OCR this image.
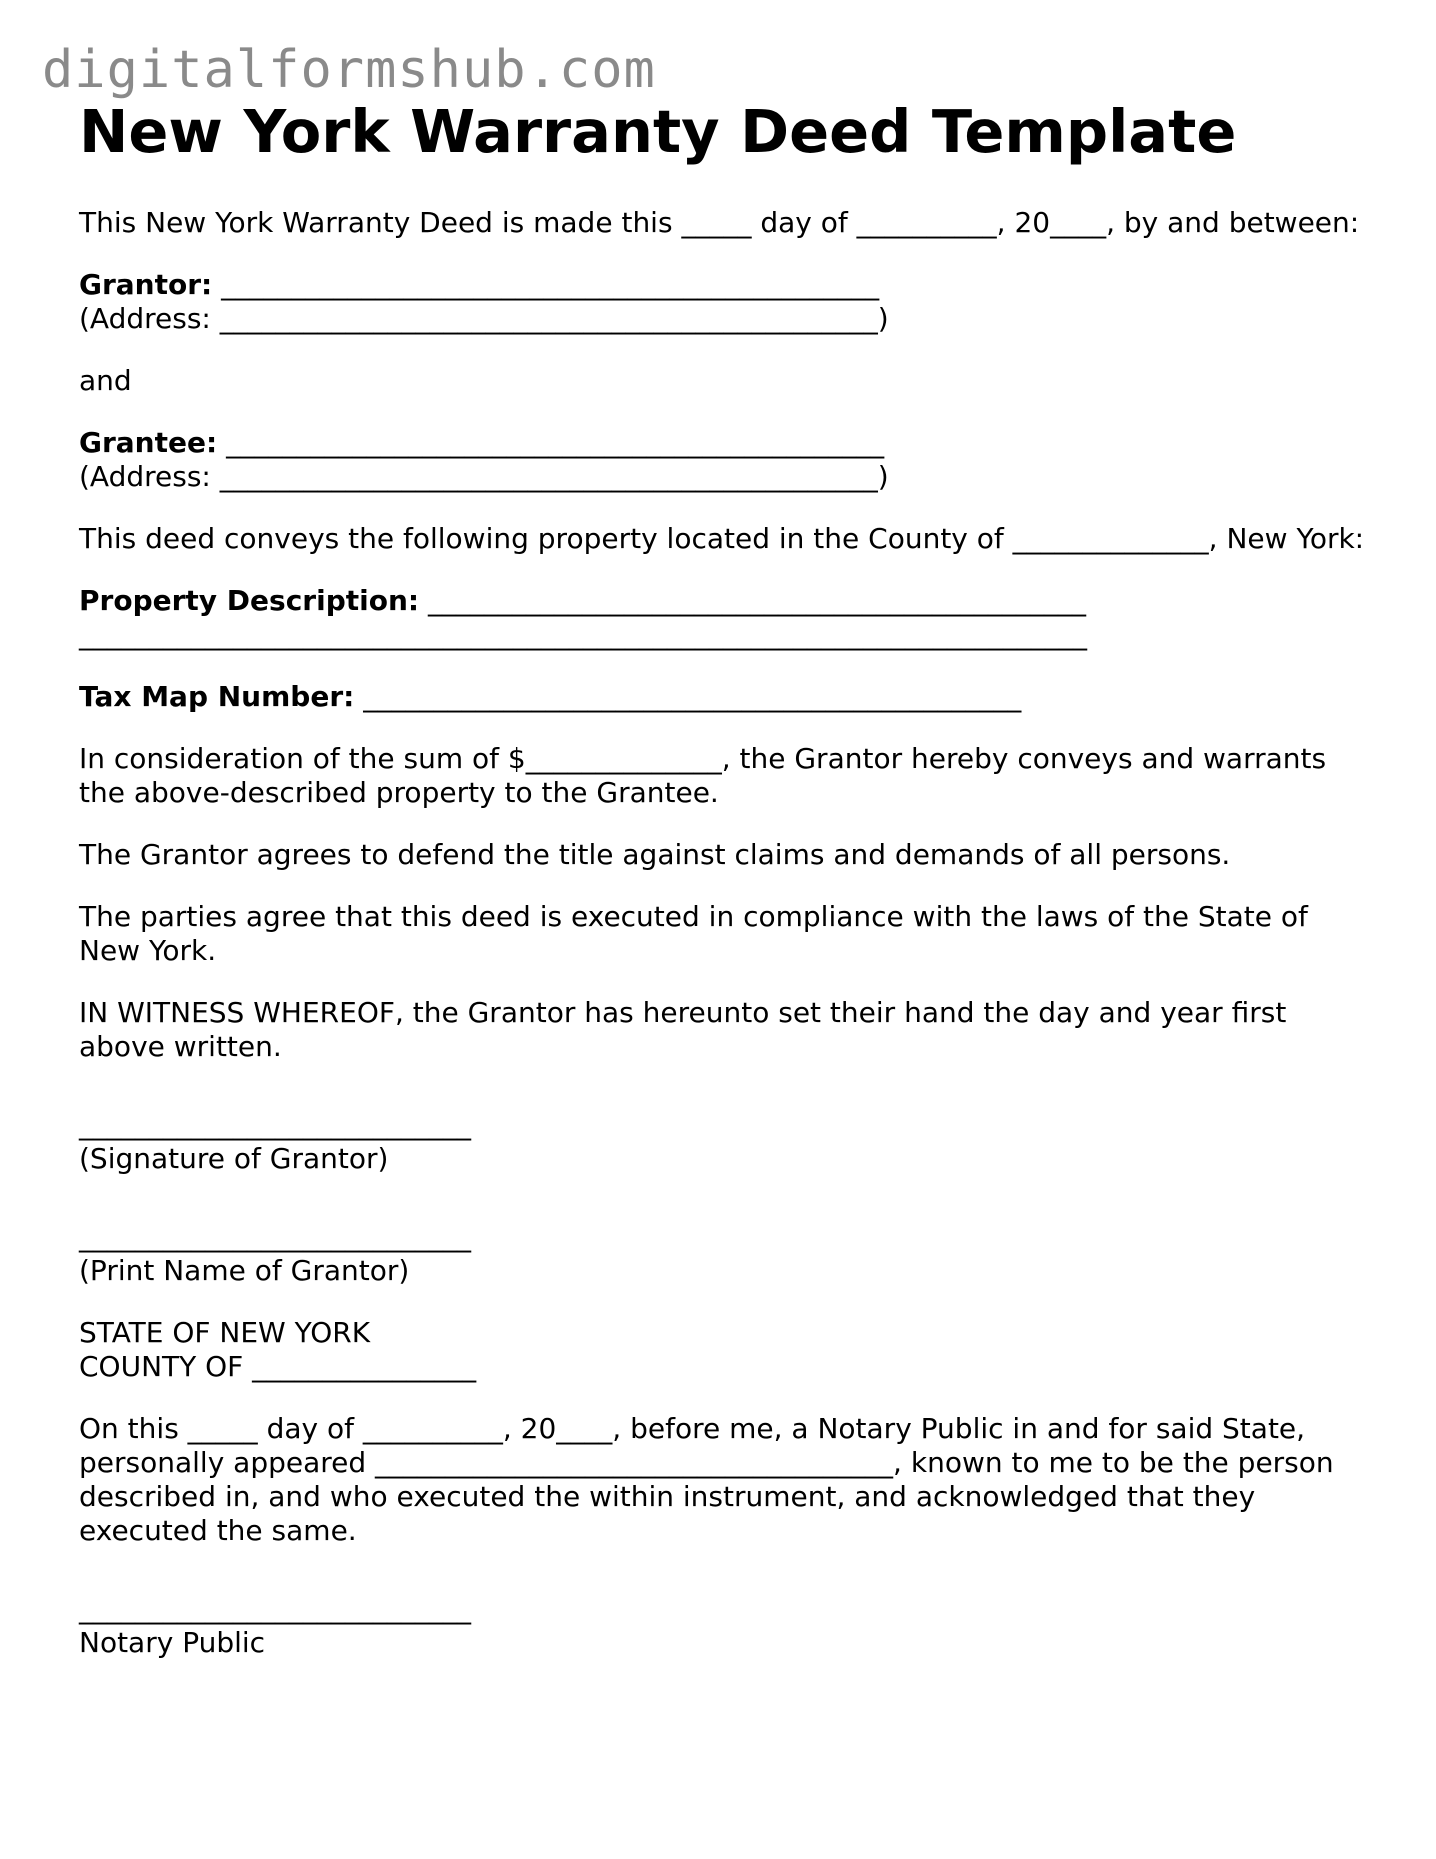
digitalformshub.com
New York Warranty Deed Template

This New York Warranty Deed is made this _____ day of __________, 20____, by and between:

Grantor: _______________________________________________

(Address: _______________________________________________)

and

Grantee: _______________________________________________

(Address: _______________________________________________)

This deed conveys the following property located in the County of ______________, New York:

Property Description: _______________________________________________

________________________________________________________________________

Tax Map Number: _______________________________________________

In consideration of the sum of $______________, the Grantor hereby conveys and warrants the above-described property to the Grantee.

The Grantor agrees to defend the title against claims and demands of all persons.

The parties agree that this deed is executed in compliance with the laws of the State of New York.

IN WITNESS WHEREOF, the Grantor has hereunto set their hand the day and year first above written.

____________________________

(Signature of Grantor)

____________________________

(Print Name of Grantor)

STATE OF NEW YORK

COUNTY OF ________________

On this _____ day of __________, 20____, before me, a Notary Public in and for said State, personally appeared _____________________________________, known to me to be the person described in, and who executed the within instrument, and acknowledged that they executed the same.

____________________________

Notary Public
